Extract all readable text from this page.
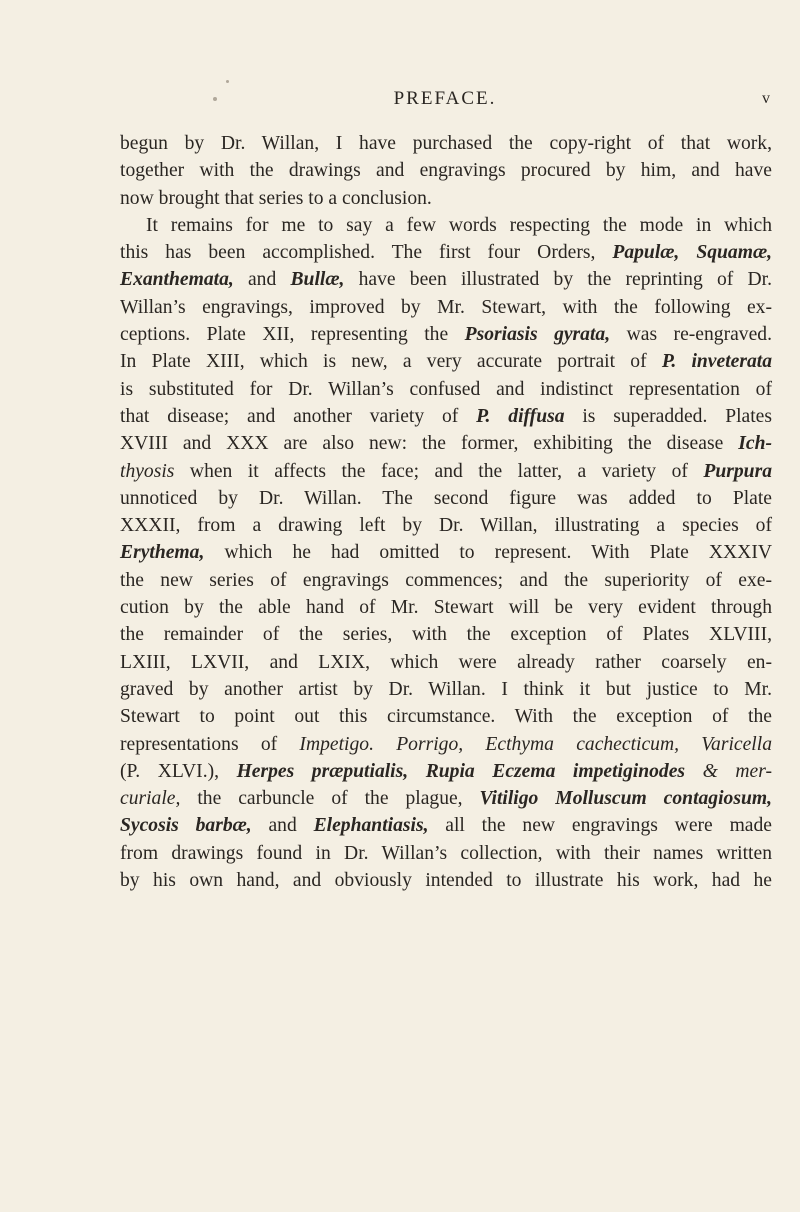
PREFACE.	v
begun by Dr. Willan, I have purchased the copy-right of that work,
together with the drawings and engravings procured by him, and have
now brought that series to a conclusion.
It remains for me to say a few words respecting the mode in which
this has been accomplished. The first four Orders, Papulæ, Squamæ,
Exanthemata, and Bullæ, have been illustrated by the reprinting of Dr.
Willan’s engravings, improved by Mr. Stewart, with the following ex-
ceptions. Plate XII, representing the Psoriasis gyrata, was re-engraved.
In Plate XIII, which is new, a very accurate portrait of P. inveterata
is substituted for Dr. Willan’s confused and indistinct representation of
that disease; and another variety of P. diffusa is superadded. Plates
XVIII and XXX are also new: the former, exhibiting the disease Ich-
thyosis when it affects the face; and the latter, a variety of Purpura
unnoticed by Dr. Willan. The second figure was added to Plate
XXXII, from a drawing left by Dr. Willan, illustrating a species of
Erythema, which he had omitted to represent. With Plate XXXIV
the new series of engravings commences; and the superiority of exe-
cution by the able hand of Mr. Stewart will be very evident through
the remainder of the series, with the exception of Plates XLVIII,
LXIII, LXVII, and LXIX, which were already rather coarsely en-
graved by another artist by Dr. Willan. I think it but justice to Mr.
Stewart to point out this circumstance. With the exception of the
representations of Impetigo. Porrigo, Ecthyma cachecticum, Varicella
(P. XLVI.), Herpes præputialis, Rupia Eczema impetiginodes & mer-
curiale, the carbuncle of the plague, Vitiligo Molluscum contagiosum,
Sycosis barbæ, and Elephantiasis, all the new engravings were made
from drawings found in Dr. Willan’s collection, with their names written
by his own hand, and obviously intended to illustrate his work, had he
